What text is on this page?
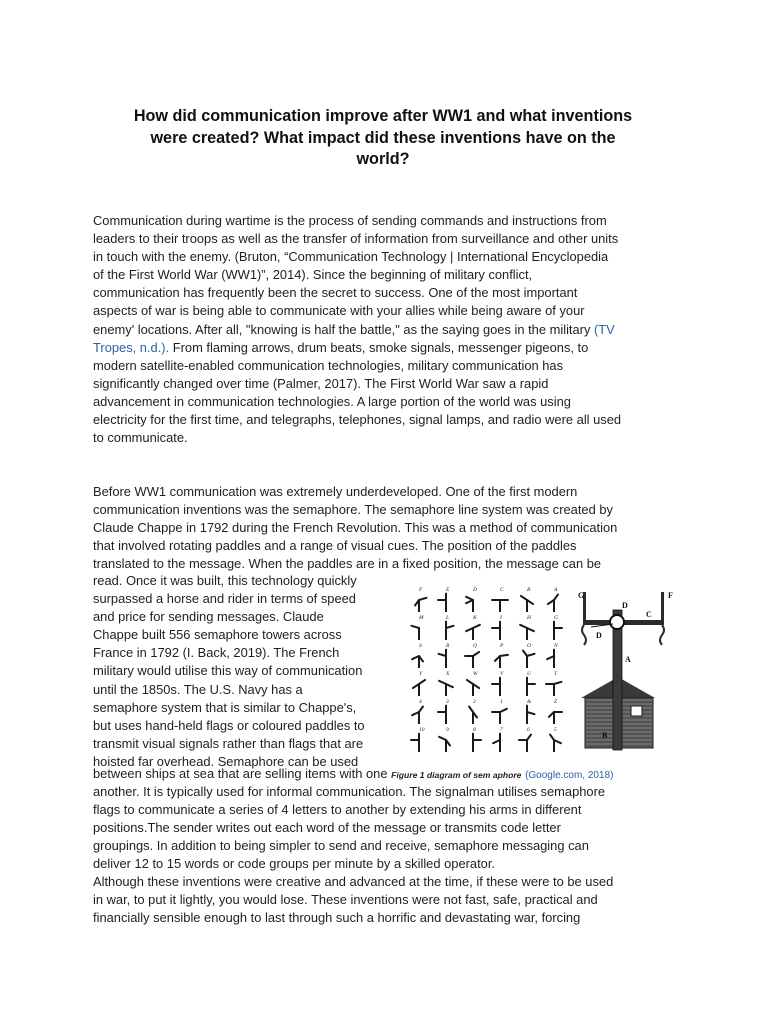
How did communication improve after WW1 and what inventions
were created? What impact did these inventions have on the
world?
Communication during wartime is the process of sending commands and instructions from
leaders to their troops as well as the transfer of information from surveillance and other units
in touch with the enemy. (Bruton, “Communication Technology | International Encyclopedia
of the First World War (WW1)”, 2014). Since the beginning of military conflict,
communication has frequently been the secret to success. One of the most important
aspects of war is being able to communicate with your allies while being aware of your
enemy' locations. After all, "knowing is half the battle," as the saying goes in the military (TV
Tropes, n.d.). From flaming arrows, drum beats, smoke signals, messenger pigeons, to
modern satellite-enabled communication technologies, military communication has
significantly changed over time (Palmer, 2017). The First World War saw a rapid
advancement in communication technologies. A large portion of the world was using
electricity for the first time, and telegraphs, telephones, signal lamps, and radio were all used
to communicate.
Before WW1 communication was extremely underdeveloped. One of the first modern
communication inventions was the semaphore. The semaphore line system was created by
Claude Chappe in 1792 during the French Revolution. This was a method of communication
that involved rotating paddles and a range of visual cues. The position of the paddles
translated to the message. When the paddles are in a fixed position, the message can be
read. Once it was built, this technology quickly
surpassed a horse and rider in terms of speed
and price for sending messages. Claude
Chappe built 556 semaphore towers across
France in 1792 (I. Back, 2019). The French
military would utilise this way of communication
until the 1850s. The U.S. Navy has a
semaphore system that is similar to Chappe's,
but uses hand-held flags or coloured paddles to
transmit visual signals rather than flags that are
hoisted far overhead. Semaphore can be used
F	E	D	C	B	A
M	L	K	I	H	G
S	R	Q	P	O	N
Y	X	W	V	U	T
4	3	2	1	&	Z
10	9	8	7	6	5
G	F
D
C
D
A
B
between ships at sea that are selling items with one Figure 1 diagram of sem aphore (Google.com, 2018)
another. It is typically used for informal communication. The signalman utilises semaphore
flags to communicate a series of 4 letters to another by extending his arms in different
positions.The sender writes out each word of the message or transmits code letter
groupings. In addition to being simpler to send and receive, semaphore messaging can
deliver 12 to 15 words or code groups per minute by a skilled operator.
Although these inventions were creative and advanced at the time, if these were to be used
in war, to put it lightly, you would lose. These inventions were not fast, safe, practical and
financially sensible enough to last through such a horrific and devastating war, forcing
